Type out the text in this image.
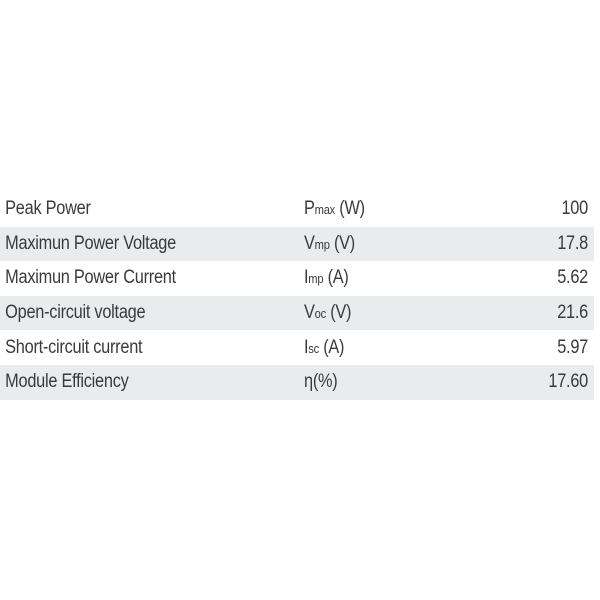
Peak Power	Pmax (W)	100
Maximun Power Voltage	Vmp (V)	17.8
Maximun Power Current	Imp (A)	5.62
Open-circuit voltage	Voc (V)	21.6
Short-circuit current	Isc (A)	5.97
Module Efficiency	η(%)	17.60
